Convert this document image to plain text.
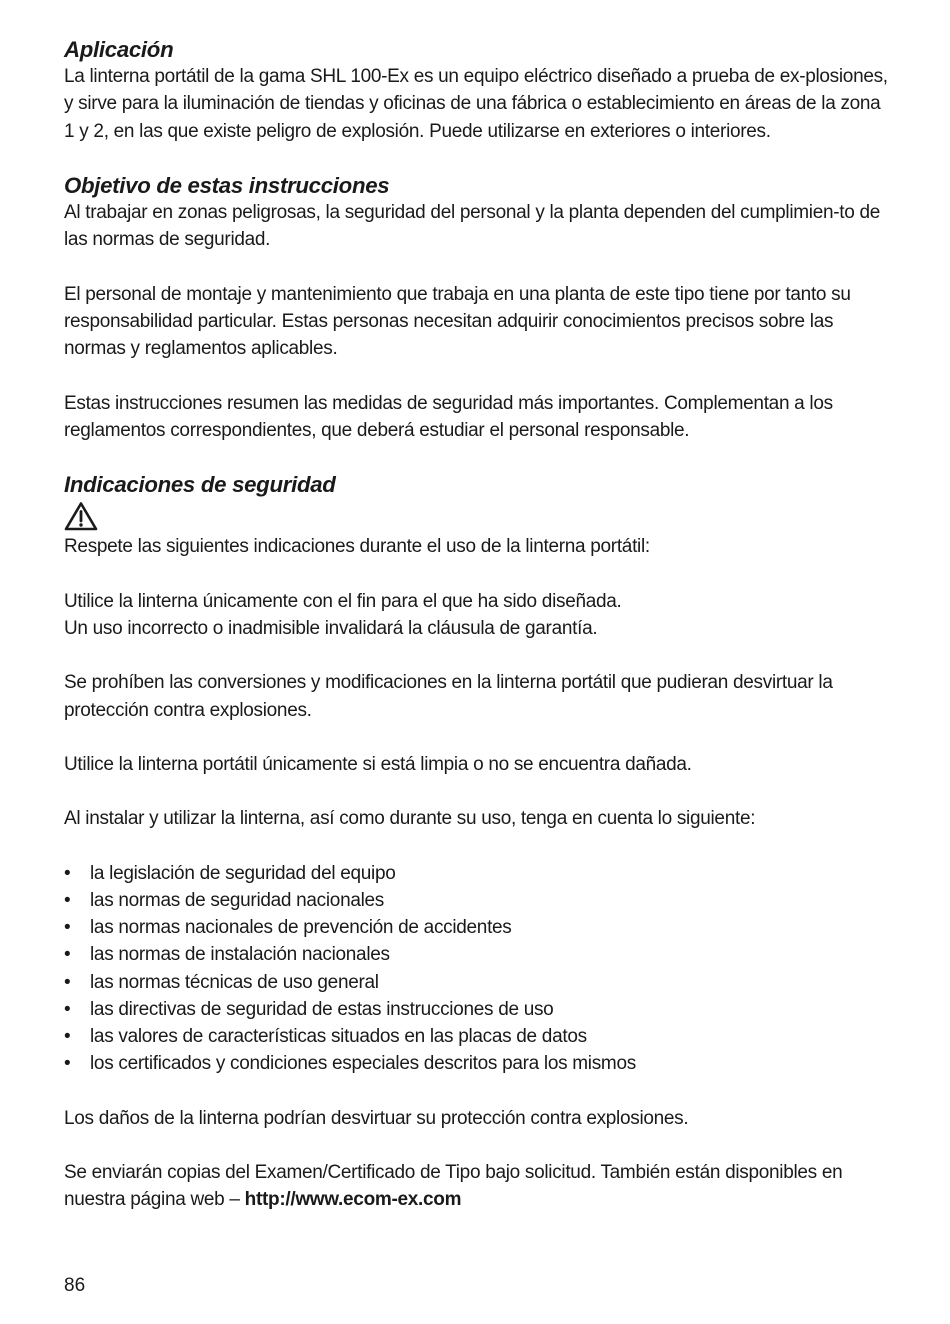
Aplicación

La linterna portátil de la gama SHL 100-Ex es un equipo eléctrico diseñado a prueba de ex-plosiones, y sirve para la iluminación de tiendas y oficinas de una fábrica o establecimiento en áreas de la zona 1 y 2, en las que existe peligro de explosión. Puede utilizarse en exteriores o interiores.

Objetivo de estas instrucciones

Al trabajar en zonas peligrosas, la seguridad del personal y la planta dependen del cumplimien-to de las normas de seguridad.

El personal de montaje y mantenimiento que trabaja en una planta de este tipo tiene por tanto su responsabilidad particular. Estas personas necesitan adquirir conocimientos precisos sobre las normas y reglamentos aplicables.

Estas instrucciones resumen las medidas de seguridad más importantes. Complementan a los reglamentos correspondientes, que deberá estudiar el personal responsable.

Indicaciones de seguridad

Respete las siguientes indicaciones durante el uso de la linterna portátil:

Utilice la linterna únicamente con el fin para el que ha sido diseñada.

Un uso incorrecto o inadmisible invalidará la cláusula de garantía.

Se prohíben las conversiones y modificaciones en la linterna portátil que pudieran desvirtuar la protección contra explosiones.

Utilice la linterna portátil únicamente si está limpia o no se encuentra dañada.

Al instalar y utilizar la linterna, así como durante su uso, tenga en cuenta lo siguiente:

• la legislación de seguridad del equipo
• las normas de seguridad nacionales
• las normas nacionales de prevención de accidentes
• las normas de instalación nacionales
• las normas técnicas de uso general
• las directivas de seguridad de estas instrucciones de uso
• las valores de características situados en las placas de datos
• los certificados y condiciones especiales descritos para los mismos

Los daños de la linterna podrían desvirtuar su protección contra explosiones.

Se enviarán copias del Examen/Certificado de Tipo bajo solicitud. También están disponibles en nuestra página web – http://www.ecom-ex.com

86
